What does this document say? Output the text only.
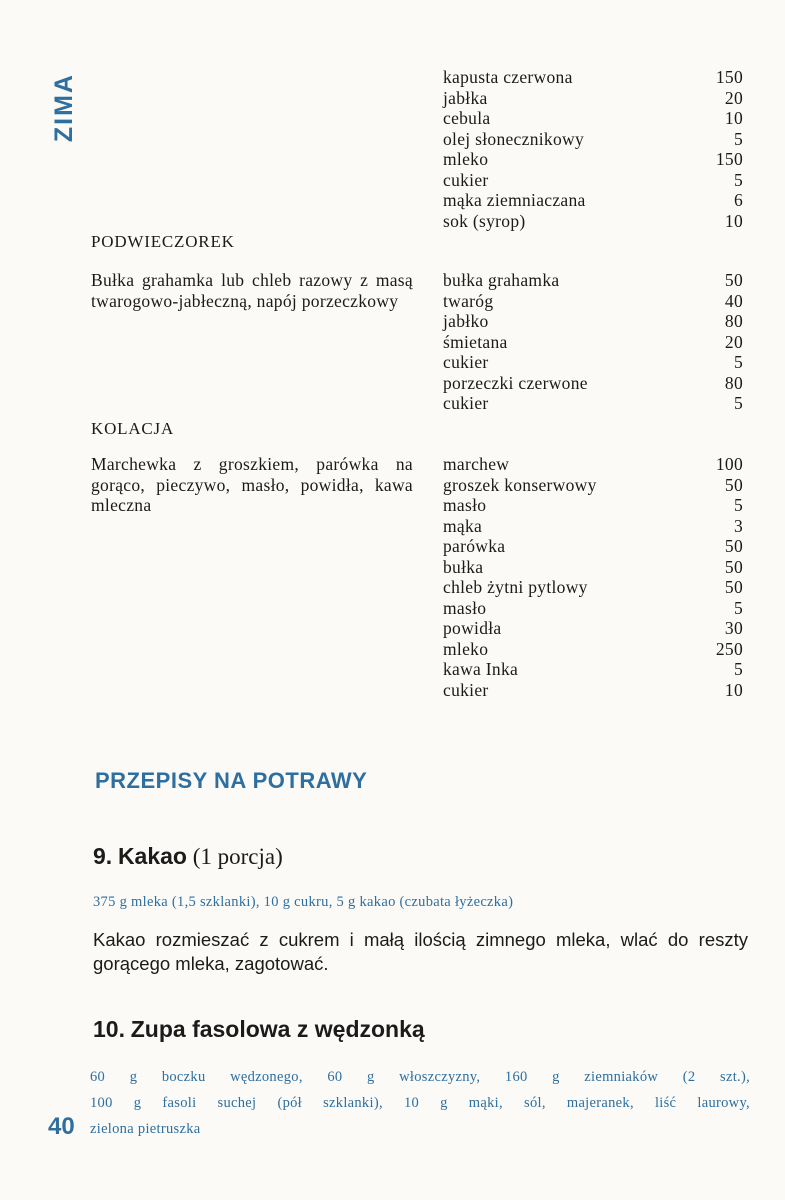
ZIMA	kapusta czerwona	150
jabłka	20
cebula	10
olej słonecznikowy	5
mleko	150
cukier	5
mąka ziemniaczana	6
sok (syrop)	10
PODWIECZOREK
Bułka grahamka lub chleb razowy z masą twarogowo-jabłeczną, napój porzeczkowy
bułka grahamka	50
twaróg	40
jabłko	80
śmietana	20
cukier	5
porzeczki czerwone	80
cukier	5
KOLACJA
Marchewka z groszkiem, parówka na gorąco, pieczywo, masło, powidła, kawa mleczna
marchew	100
groszek konserwowy	50
masło	5
mąka	3
parówka	50
bułka	50
chleb żytni pytlowy	50
masło	5
powidła	30
mleko	250
kawa Inka	5
cukier	10
PRZEPISY NA POTRAWY
9. Kakao (1 porcja)
375 g mleka (1,5 szklanki), 10 g cukru, 5 g kakao (czubata łyżeczka)
Kakao rozmieszać z cukrem i małą ilością zimnego mleka, wlać do reszty gorącego mleka, zagotować.
10. Zupa fasolowa z wędzonką
60 g boczku wędzonego, 60 g włoszczyzny, 160 g ziemniaków (2 szt.),
100 g fasoli suchej (pół szklanki), 10 g mąki, sól, majeranek, liść laurowy,
zielona pietruszka
40
